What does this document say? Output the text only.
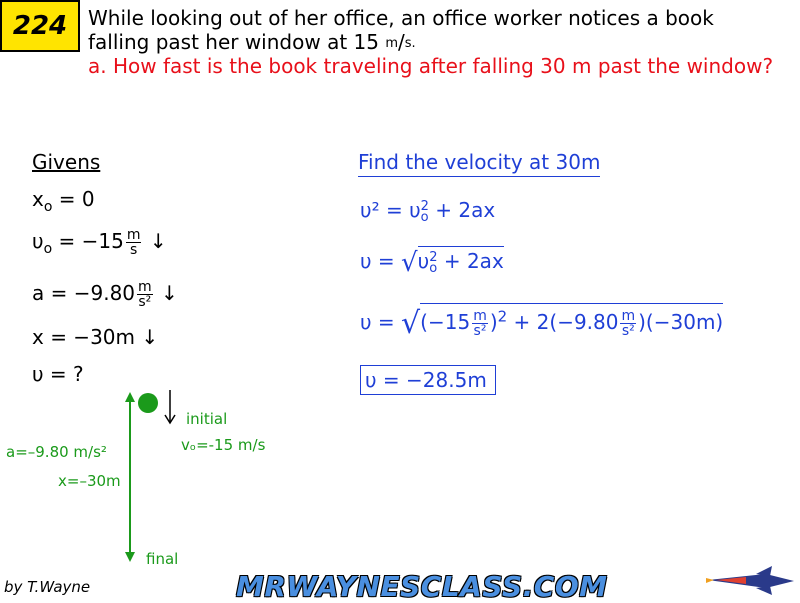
224 While looking out of her office, an office worker notices a book
falling past her window at 15 $^m$/$^{s.}$
a. How fast is the book traveling after falling 30 m past the window?
Givens
$x_o = 0$
$\upsilon_o = -15 \frac{m}{s}$ ↓
$a = -9.80 \frac{m}{\text{s²}}$ ↓
x = −30m ↓
υ = ?
initial
vₒ=-15 m/s
a=–9.80 m/s²
x=–30m
final
Find the velocity at 30m
υ² = υ 2
o + 2ax
υ = √υ 2
o + 2ax
$\upsilon = √(-15 \frac{m}{\text{s²}} )^2 + 2(-9.80 \frac{m}{\text{s²}} )(-30m)$
υ = −28.5m
by T.Wayne	MRWAYNESCLASS.COM
